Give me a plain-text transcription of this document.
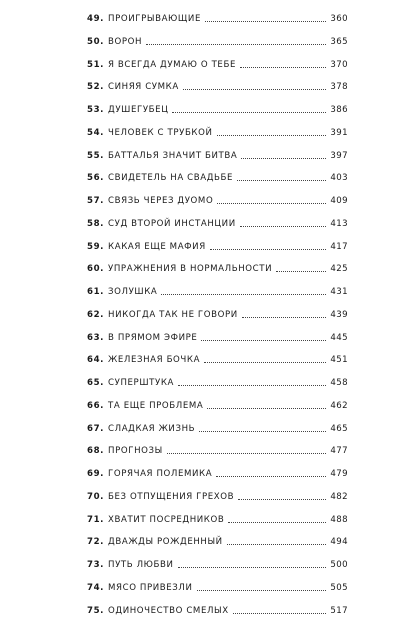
49. ПРОИГРЫВАЮЩИЕ	360
50. ВОРОН	365
51. Я ВСЕГДА ДУМАЮ О ТЕБЕ	370
52. СИНЯЯ СУМКА	378
53. ДУШЕГУБЕЦ	386
54. ЧЕЛОВЕК С ТРУБКОЙ	391
55. БАТТАЛЬЯ ЗНАЧИТ БИТВА	397
56. СВИДЕТЕЛЬ НА СВАДЬБЕ	403
57. СВЯЗЬ ЧЕРЕЗ ДУОМО	409
58. СУД ВТОРОЙ ИНСТАНЦИИ	413
59. КАКАЯ ЕЩЕ МАФИЯ	417
60. УПРАЖНЕНИЯ В НОРМАЛЬНОСТИ	425
61. ЗОЛУШКА	431
62. НИКОГДА ТАК НЕ ГОВОРИ	439
63. В ПРЯМОМ ЭФИРЕ	445
64. ЖЕЛЕЗНАЯ БОЧКА	451
65. СУПЕРШТУКА	458
66. ТА ЕЩЕ ПРОБЛЕМА	462
67. СЛАДКАЯ ЖИЗНЬ	465
68. ПРОГНОЗЫ	477
69. ГОРЯЧАЯ ПОЛЕМИКА	479
70. БЕЗ ОТПУЩЕНИЯ ГРЕХОВ	482
71. ХВАТИТ ПОСРЕДНИКОВ	488
72. ДВАЖДЫ РОЖДЕННЫЙ	494
73. ПУТЬ ЛЮБВИ	500
74. МЯСО ПРИВЕЗЛИ	505
75. ОДИНОЧЕСТВО СМЕЛЫХ	517
